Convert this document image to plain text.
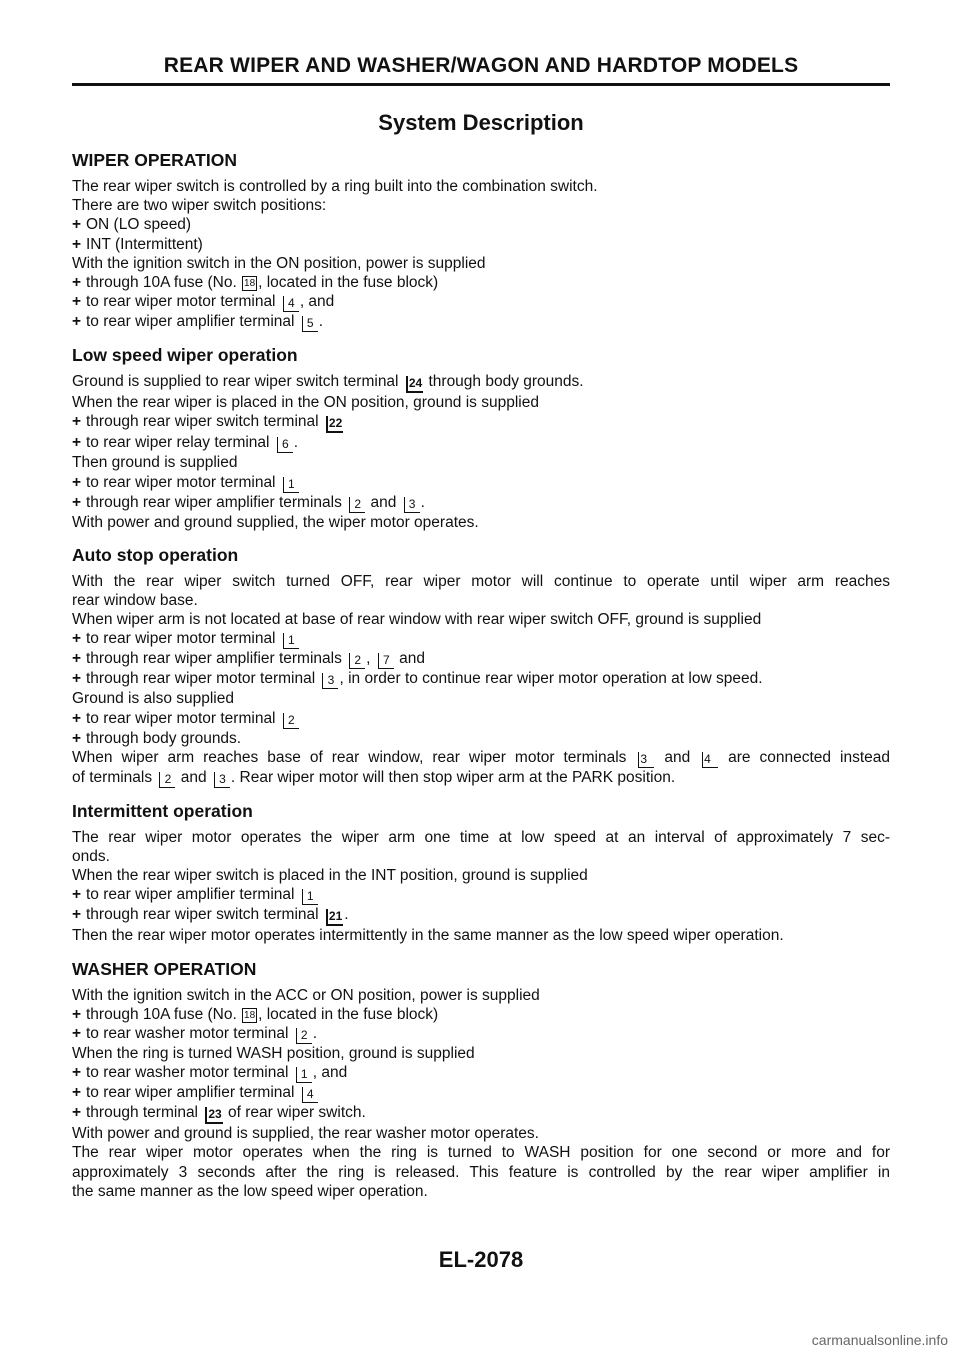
REAR WIPER AND WASHER/WAGON AND HARDTOP MODELS
System Description
WIPER OPERATION

The rear wiper switch is controlled by a ring built into the combination switch.

There are two wiper switch positions:

+ ON (LO speed)

+ INT (Intermittent)

With the ignition switch in the ON position, power is supplied

+ through 10A fuse (No. 18 , located in the fuse block)

+ to rear wiper motor terminal 4 , and

+ to rear wiper amplifier terminal 5 .

Low speed wiper operation

Ground is supplied to rear wiper switch terminal 24 through body grounds.

When the rear wiper is placed in the ON position, ground is supplied

+ through rear wiper switch terminal 22

+ to rear wiper relay terminal 6 .

Then ground is supplied

+ to rear wiper motor terminal 1

+ through rear wiper amplifier terminals 2 and 3 .

With power and ground supplied, the wiper motor operates.

Auto stop operation

With the rear wiper switch turned OFF, rear wiper motor will continue to operate until wiper arm reaches

rear window base.

When wiper arm is not located at base of rear window with rear wiper switch OFF, ground is supplied

+ to rear wiper motor terminal 1

+ through rear wiper amplifier terminals 2 , 7 and

+ through rear wiper motor terminal 3 , in order to continue rear wiper motor operation at low speed.

Ground is also supplied

+ to rear wiper motor terminal 2

+ through body grounds.

When wiper arm reaches base of rear window, rear wiper motor terminals 3 and 4 are connected instead

of terminals 2 and 3 . Rear wiper motor will then stop wiper arm at the PARK position.

Intermittent operation

The rear wiper motor operates the wiper arm one time at low speed at an interval of approximately 7 sec-

onds.

When the rear wiper switch is placed in the INT position, ground is supplied

+ to rear wiper amplifier terminal 1

+ through rear wiper switch terminal 21 .

Then the rear wiper motor operates intermittently in the same manner as the low speed wiper operation.

WASHER OPERATION

With the ignition switch in the ACC or ON position, power is supplied

+ through 10A fuse (No. 18 , located in the fuse block)

+ to rear washer motor terminal 2 .

When the ring is turned WASH position, ground is supplied

+ to rear washer motor terminal 1 , and

+ to rear wiper amplifier terminal 4

+ through terminal 23 of rear wiper switch.

With power and ground is supplied, the rear washer motor operates.

The rear wiper motor operates when the ring is turned to WASH position for one second or more and for

approximately 3 seconds after the ring is released. This feature is controlled by the rear wiper amplifier in

the same manner as the low speed wiper operation.

EL-2078
carmanualsonline.info
